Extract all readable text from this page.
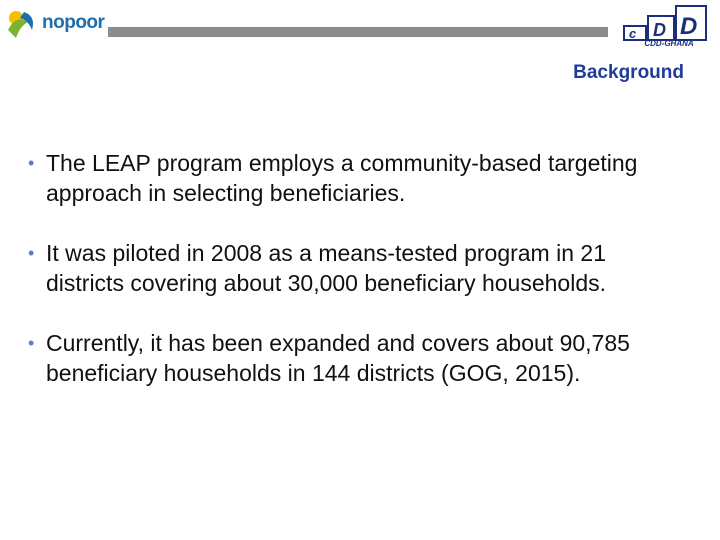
nopoor
c D D
CDD-GHANA
Background
• The LEAP program employs a community-based targeting approach in selecting beneficiaries.
• It was piloted in 2008 as a means-tested program in 21 districts covering about 30,000 beneficiary households.
• Currently, it has been expanded and covers about 90,785 beneficiary households in 144 districts (GOG, 2015).
